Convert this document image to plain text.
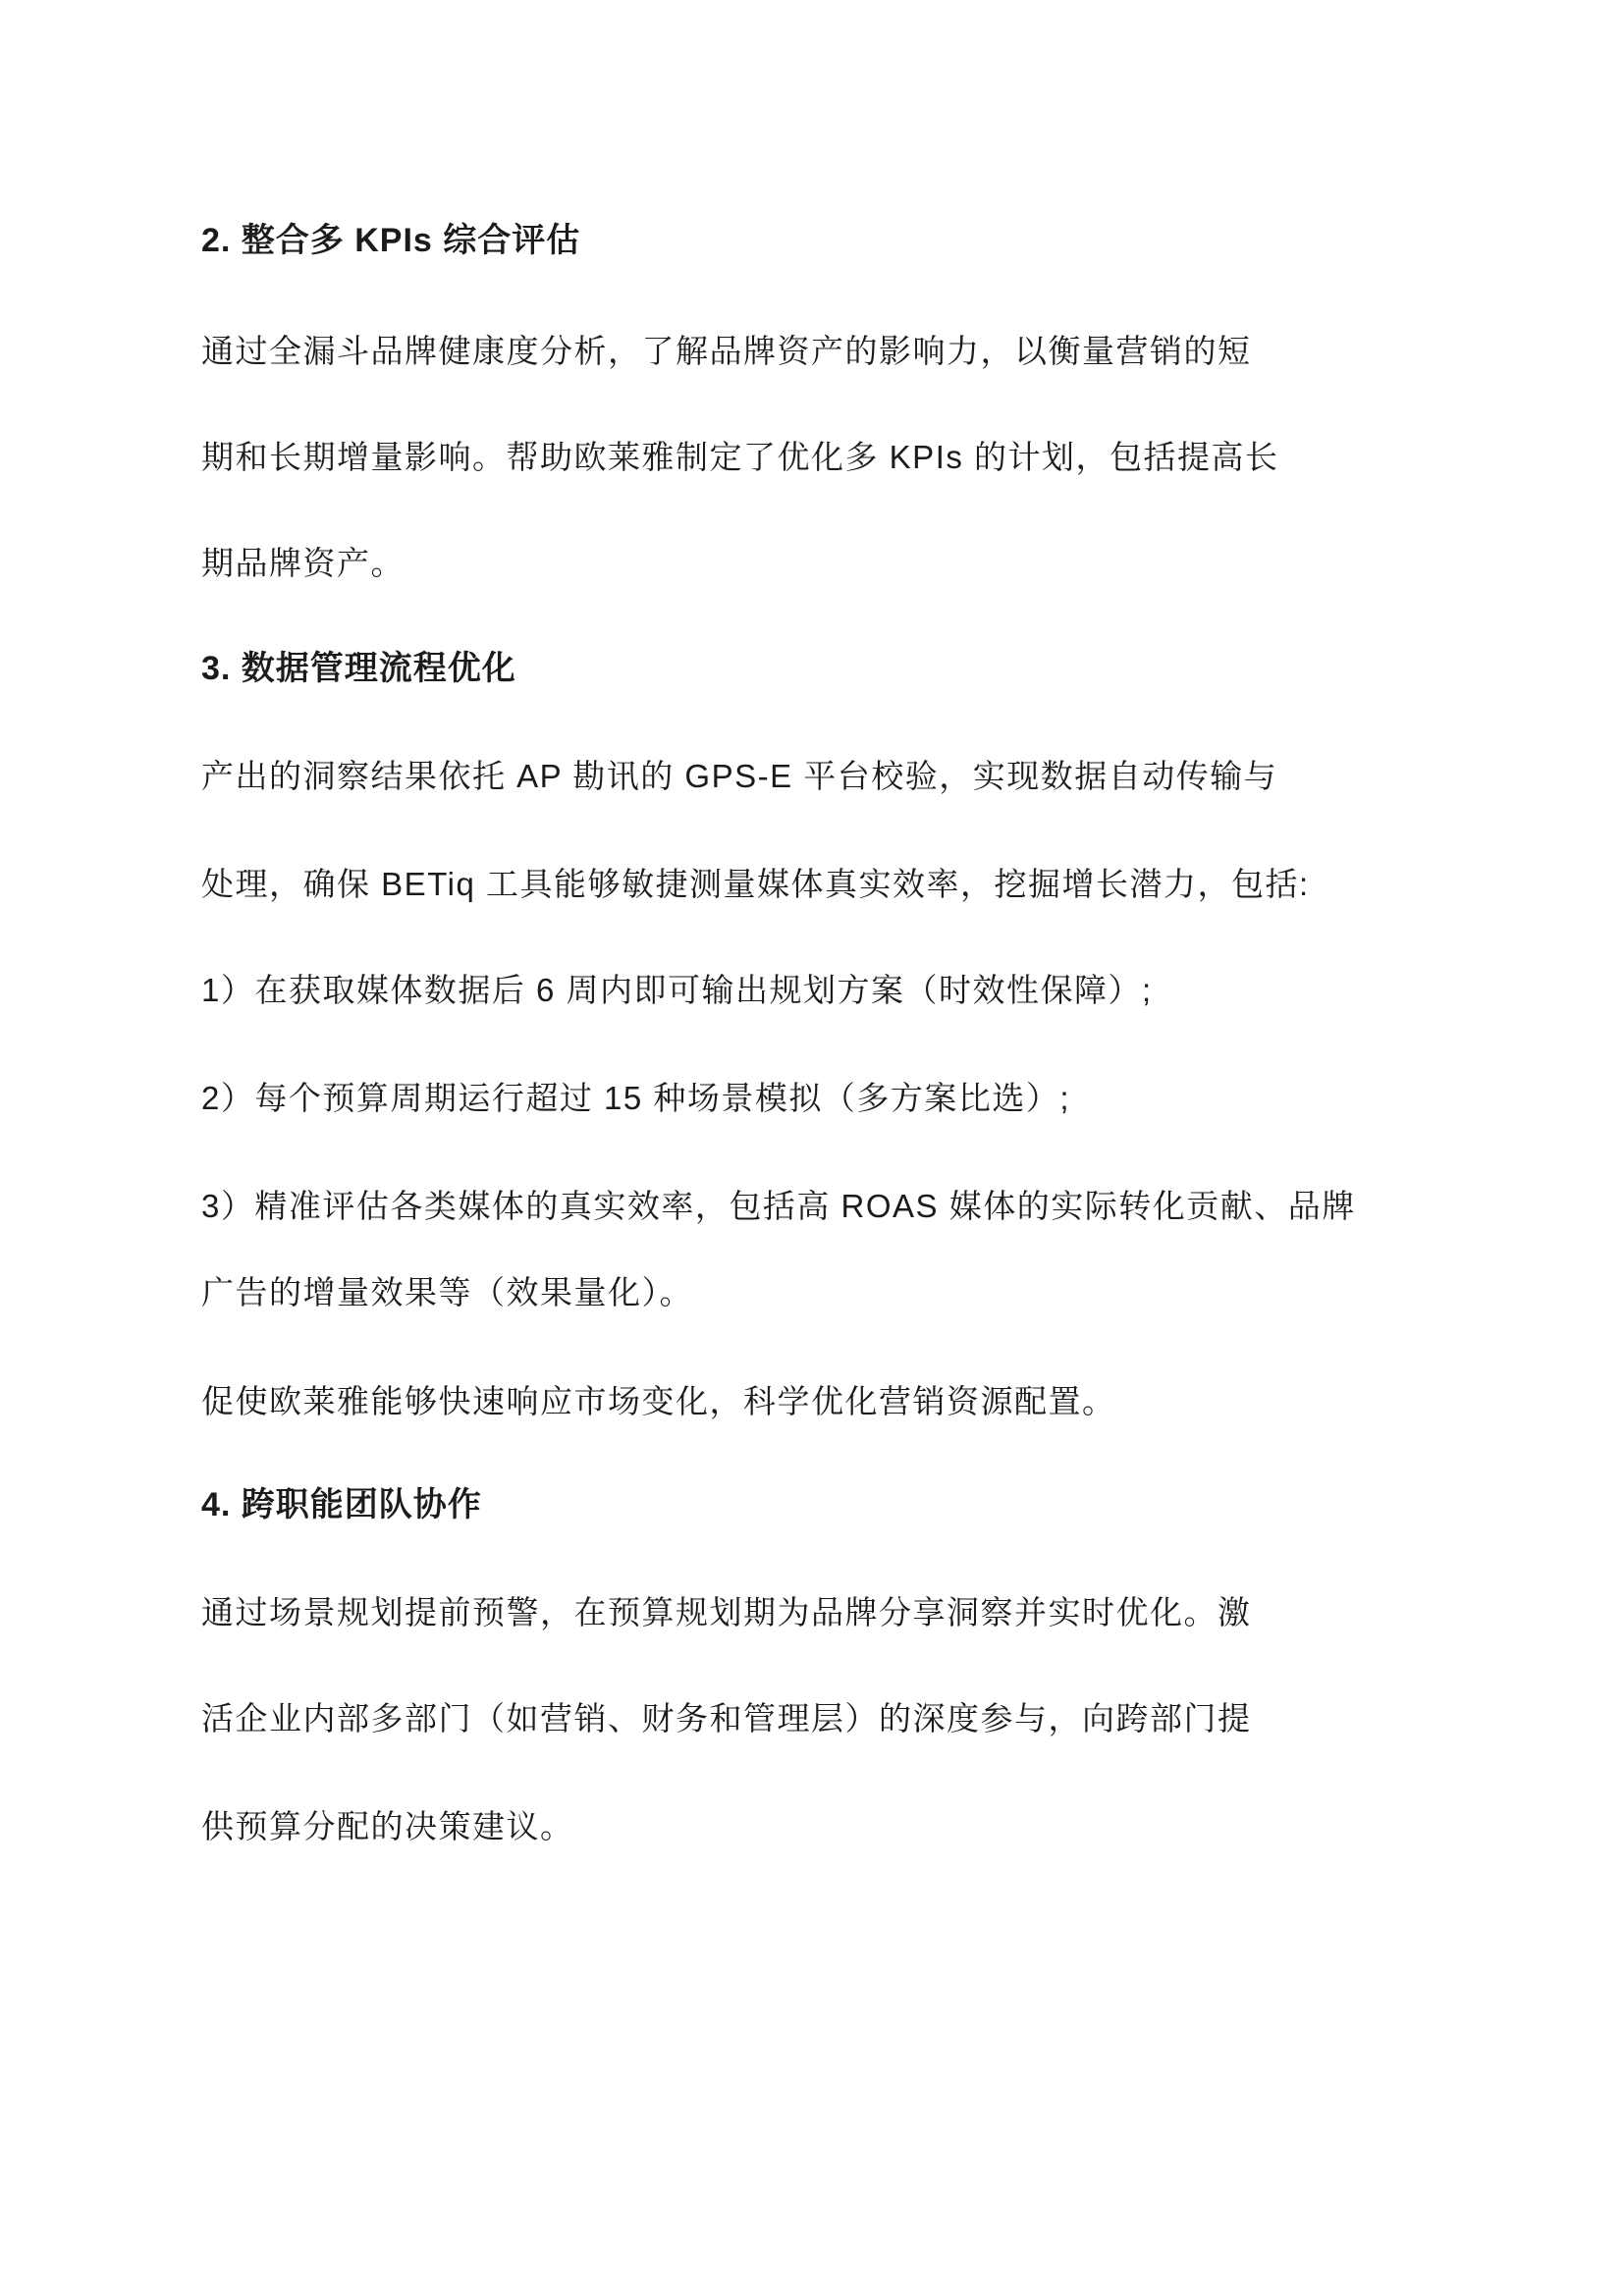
2. 整合多 KPIs 综合评估
通过全漏斗品牌健康度分析，了解品牌资产的影响力，以衡量营销的短
期和长期增量影响。帮助欧莱雅制定了优化多 KPIs 的计划，包括提高长
期品牌资产。
3. 数据管理流程优化
产出的洞察结果依托 AP 勘讯的 GPS-E 平台校验，实现数据自动传输与
处理，确保 BETiq 工具能够敏捷测量媒体真实效率，挖掘增长潜力，包括:
1）在获取媒体数据后 6 周内即可输出规划方案（时效性保障）;
2）每个预算周期运行超过 15 种场景模拟（多方案比选）;
3）精准评估各类媒体的真实效率，包括高 ROAS 媒体的实际转化贡献、品牌
广告的增量效果等（效果量化）。
促使欧莱雅能够快速响应市场变化，科学优化营销资源配置。
4. 跨职能团队协作
通过场景规划提前预警，在预算规划期为品牌分享洞察并实时优化。激
活企业内部多部门（如营销、财务和管理层）的深度参与，向跨部门提
供预算分配的决策建议。
